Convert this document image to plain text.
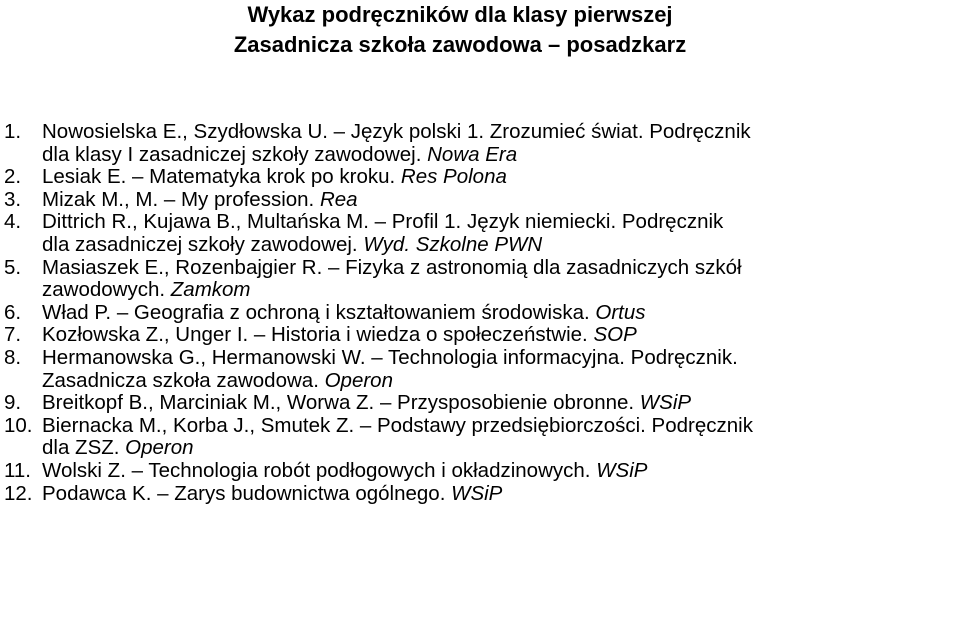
Wykaz podręczników dla klasy pierwszej
Zasadnicza szkoła zawodowa – posadzkarz
1. Nowosielska E., Szydłowska U. – Język polski 1. Zrozumieć świat. Podręcznik
dla klasy I zasadniczej szkoły zawodowej. Nowa Era
2. Lesiak E. – Matematyka krok po kroku. Res Polona
3. Mizak M., M. – My profession. Rea
4. Dittrich R., Kujawa B., Multańska M. – Profil 1. Język niemiecki. Podręcznik
dla zasadniczej szkoły zawodowej. Wyd. Szkolne PWN
5. Masiaszek E., Rozenbajgier R. – Fizyka z astronomią dla zasadniczych szkół
zawodowych. Zamkom
6. Wład P. – Geografia z ochroną i kształtowaniem środowiska. Ortus
7. Kozłowska Z., Unger I. – Historia i wiedza o społeczeństwie. SOP
8. Hermanowska G., Hermanowski W. – Technologia informacyjna. Podręcznik.
Zasadnicza szkoła zawodowa. Operon
9. Breitkopf B., Marciniak M., Worwa Z. – Przysposobienie obronne. WSiP
10. Biernacka M., Korba J., Smutek Z. – Podstawy przedsiębiorczości. Podręcznik
dla ZSZ. Operon
11. Wolski Z. – Technologia robót podłogowych i okładzinowych. WSiP
12. Podawca K. – Zarys budownictwa ogólnego. WSiP
